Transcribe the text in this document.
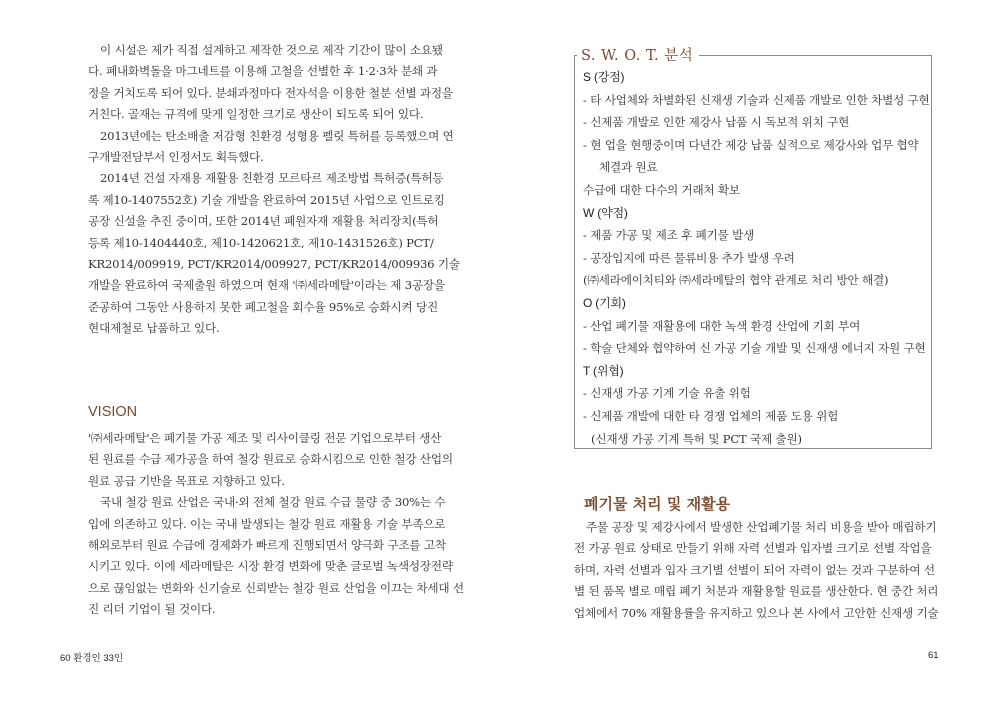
이 시설은 제가 직접 설계하고 제작한 것으로 제작 기간이 많이 소요됐

다. 폐내화벽돌을 마그네트를 이용해 고철을 선별한 후 1·2·3차 분쇄 과

정을 거치도록 되어 있다. 분쇄과정마다 전자석을 이용한 철분 선별 과정을

거친다. 골재는 규격에 맞게 일정한 크기로 생산이 되도록 되어 있다.

2013년에는 탄소배출 저감형 친환경 성형용 펠릿 특허를 등록했으며 연

구개발전담부서 인정서도 획득했다.

2014년 건설 자재용 재활용 친환경 모르타르 제조방법 특허증(특허등

록 제10-1407552호) 기술 개발을 완료하여 2015년 사업으로 인트로킹

공장 신설을 추진 중이며, 또한 2014년 폐원자재 재활용 처리장치(특허

등록 제10-1404440호, 제10-1420621호, 제10-1431526호) PCT/

KR2014/009919, PCT/KR2014/009927, PCT/KR2014/009936 기술

개발을 완료하여 국제출원 하였으며 현재 '㈜세라메탈'이라는 제 3공장을

준공하여 그동안 사용하지 못한 폐고철을 회수율 95%로 승화시켜 당진

현대제철로 납품하고 있다.

VISION

'㈜세라메탈'은 폐기물 가공 제조 및 리사이클링 전문 기업으로부터 생산

된 원료를 수급 제가공을 하여 철강 원료로 승화시킴으로 인한 철강 산업의

원료 공급 기반을 목표로 지향하고 있다.

국내 철강 원료 산업은 국내·외 전체 철강 원료 수급 물량 중 30%는 수

입에 의존하고 있다. 이는 국내 발생되는 철강 원료 재활용 기술 부족으로

해외로부터 원료 수급에 경제화가 빠르게 진행되면서 양극화 구조를 고착

시키고 있다. 이에 세라메탈은 시장 환경 변화에 맞춘 글로벌 녹색성장전략

으로 끊임없는 변화와 신기술로 신뢰받는 철강 원료 산업을 이끄는 차세대 선

진 리더 기업이 될 것이다.

60 환경인 33인
S. W. O. T. 분석
S (강점)
- 타 사업체와 차별화된 신재생 기술과 신제품 개발로 인한 차별성 구현
- 신제품 개발로 인한 제강사 납품 시 독보적 위치 구현
- 현 업을 현행중이며 다년간 제강 납품 실적으로 제강사와 업무 협약
체결과 원료
수급에 대한 다수의 거래처 확보
W (약점)
- 제품 가공 및 제조 후 폐기물 발생
- 공장입지에 따른 물류비용 추가 발생 우려
(㈜세라에이치티와 ㈜세라메탈의 협약 관계로 처리 방안 해결)
O (기회)
- 산업 폐기물 재활용에 대한 녹색 환경 산업에 기회 부여
- 학술 단체와 협약하여 신 가공 기술 개발 및 신재생 에너지 자원 구현
T (위협)
- 신재생 가공 기계 기술 유출 위험
- 신제품 개발에 대한 타 경쟁 업체의 제품 도용 위험
(신재생 가공 기계 특허 및 PCT 국제 출원)
폐기물 처리 및 재활용

주물 공장 및 제강사에서 발생한 산업폐기물 처리 비용을 받아 매립하기

전 가공 원료 상태로 만들기 위해 자력 선별과 입자별 크기로 선별 작업을

하며, 자력 선별과 입자 크기별 선별이 되어 자력이 없는 것과 구분하여 선

별 된 품목 별로 매립 폐기 처분과 재활용할 원료를 생산한다. 현 중간 처리

업체에서 70% 재활용률을 유지하고 있으나 본 사에서 고안한 신재생 기술

61
